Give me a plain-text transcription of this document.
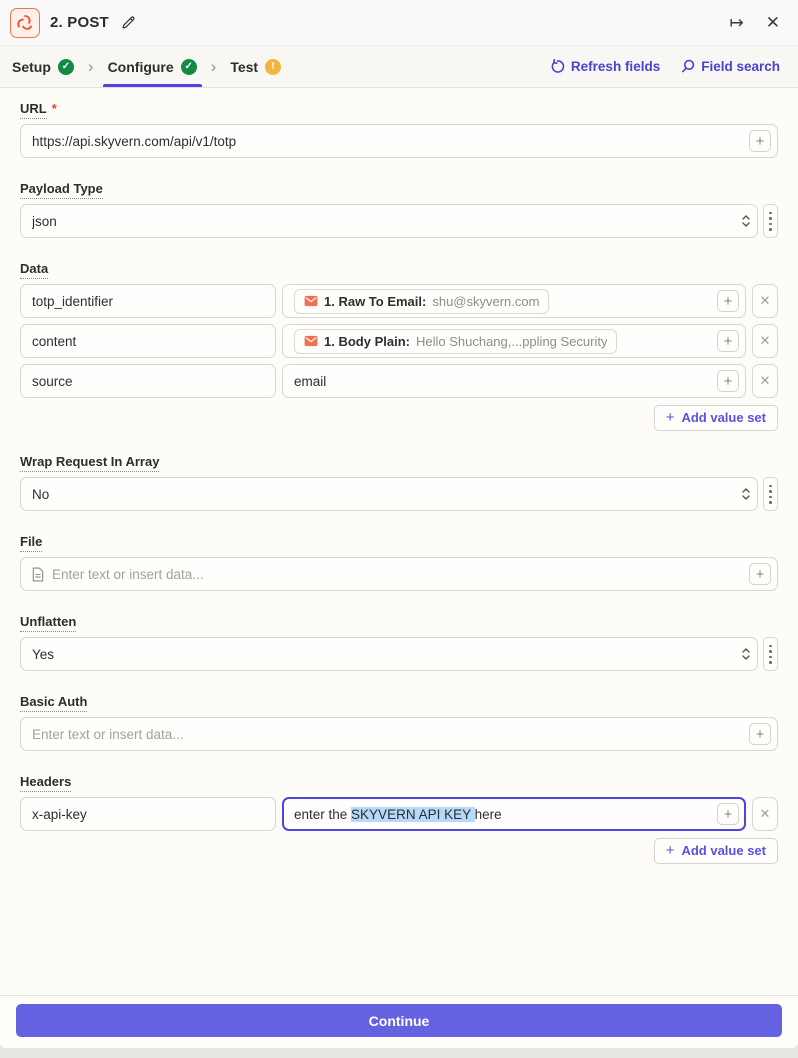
2. POST	↦ ✕
Setup ✓ › Configure ✓ › Test !	Refresh fields	Field search
URL *
https://api.skyvern.com/api/v1/totp	+
Payload Type
json
Data
totp_identifier	1. Raw To Email: shu@skyvern.com	+	✕
content	1. Body Plain: Hello Shuchang,...ppling Security	+	✕
source	email	+	✕
+ Add value set
Wrap Request In Array
No
File
Enter text or insert data...	+
Unflatten
Yes
Basic Auth
Enter text or insert data...	+
Headers
x-api-key	enter the SKYVERN API KEY here	+	✕
+ Add value set
Continue
